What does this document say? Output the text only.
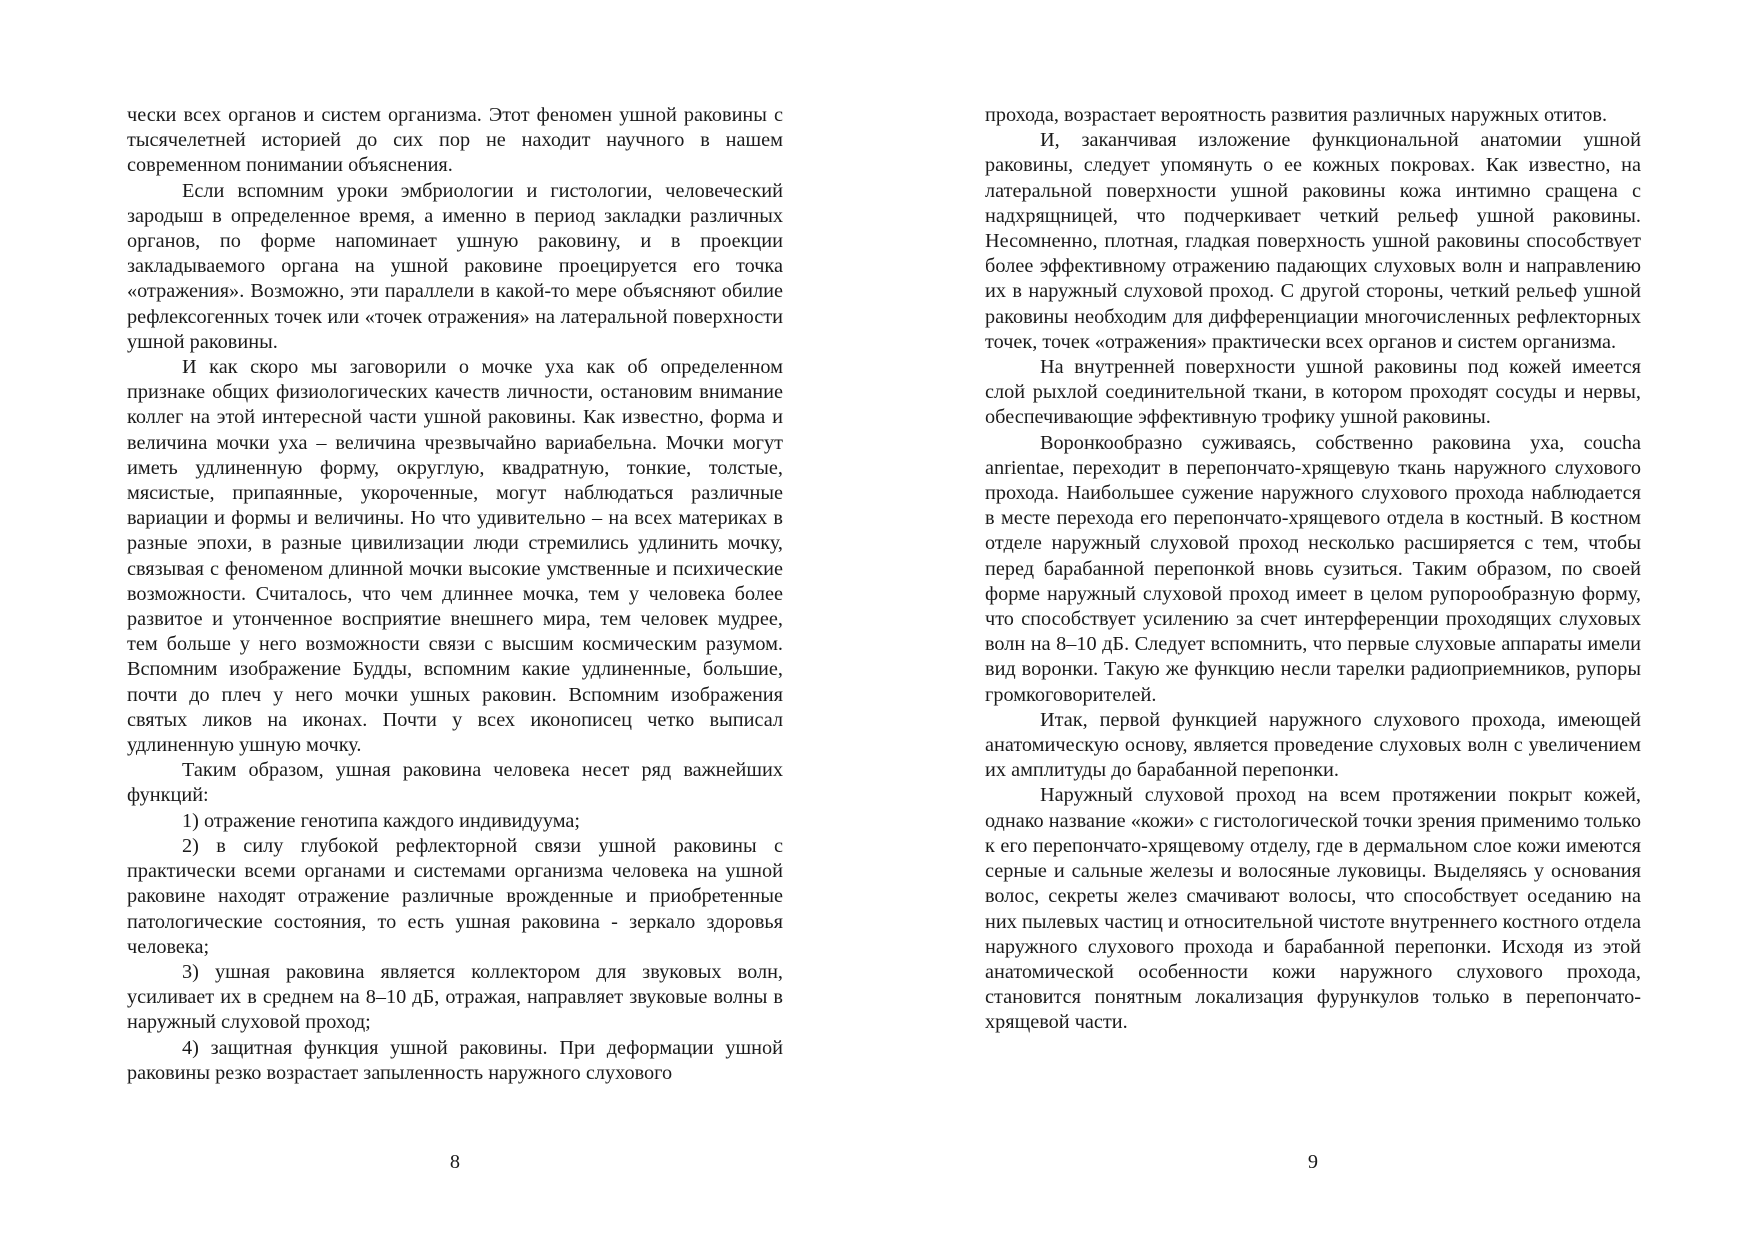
чески всех органов и систем организма. Этот феномен ушной раковины с тысячелетней историей до сих пор не находит научного в нашем современном понимании объяснения.

Если вспомним уроки эмбриологии и гистологии, человеческий зародыш в определенное время, а именно в период закладки различных органов, по форме напоминает ушную раковину, и в проекции закладываемого органа на ушной раковине проецируется его точка «отражения». Возможно, эти параллели в какой-то мере объясняют обилие рефлексогенных точек или «точек отражения» на латеральной поверхности ушной раковины.

И как скоро мы заговорили о мочке уха как об определенном признаке общих физиологических качеств личности, остановим внимание коллег на этой интересной части ушной раковины. Как известно, форма и величина мочки уха – величина чрезвычайно вариабельна. Мочки могут иметь удлиненную форму, округлую, квадратную, тонкие, толстые, мясистые, припаянные, укороченные, могут наблюдаться различные вариации и формы и величины. Но что удивительно – на всех материках в разные эпохи, в разные цивилизации люди стремились удлинить мочку, связывая с феноменом длинной мочки высокие умственные и психические возможности. Считалось, что чем длиннее мочка, тем у человека более развитое и утонченное восприятие внешнего мира, тем человек мудрее, тем больше у него возможности связи с высшим космическим разумом. Вспомним изображение Будды, вспомним какие удлиненные, большие, почти до плеч у него мочки ушных раковин. Вспомним изображения святых ликов на иконах. Почти у всех иконописец четко выписал удлиненную ушную мочку.

Таким образом, ушная раковина человека несет ряд важнейших функций:

1) отражение генотипа каждого индивидуума;

2) в силу глубокой рефлекторной связи ушной раковины с практически всеми органами и системами организма человека на ушной раковине находят отражение различные врожденные и приобретенные патологические состояния, то есть ушная раковина - зеркало здоровья человека;

3) ушная раковина является коллектором для звуковых волн, усиливает их в среднем на 8–10 дБ, отражая, направляет звуковые волны в наружный слуховой проход;

4) защитная функция ушной раковины. При деформации ушной раковины резко возрастает запыленность наружного слухового

8

прохода, возрастает вероятность развития различных наружных отитов.

И, заканчивая изложение функциональной анатомии ушной раковины, следует упомянуть о ее кожных покровах. Как известно, на латеральной поверхности ушной раковины кожа интимно сращена с надхрящницей, что подчеркивает четкий рельеф ушной раковины. Несомненно, плотная, гладкая поверхность ушной раковины способствует более эффективному отражению падающих слуховых волн и направлению их в наружный слуховой проход. С другой стороны, четкий рельеф ушной раковины необходим для дифференциации многочисленных рефлекторных точек, точек «отражения» практически всех органов и систем организма.

На внутренней поверхности ушной раковины под кожей имеется слой рыхлой соединительной ткани, в котором проходят сосуды и нервы, обеспечивающие эффективную трофику ушной раковины.

Воронкообразно суживаясь, собственно раковина уха, coucha anrientae, переходит в перепончато-хрящевую ткань наружного слухового прохода. Наибольшее сужение наружного слухового прохода наблюдается в месте перехода его перепончато-хрящевого отдела в костный. В костном отделе наружный слуховой проход несколько расширяется с тем, чтобы перед барабанной перепонкой вновь сузиться. Таким образом, по своей форме наружный слуховой проход имеет в целом рупорообразную форму, что способствует усилению за счет интерференции проходящих слуховых волн на 8–10 дБ. Следует вспомнить, что первые слуховые аппараты имели вид воронки. Такую же функцию несли тарелки радиоприемников, рупоры громкоговорителей.

Итак, первой функцией наружного слухового прохода, имеющей анатомическую основу, является проведение слуховых волн с увеличением их амплитуды до барабанной перепонки.

Наружный слуховой проход на всем протяжении покрыт кожей, однако название «кожи» с гистологической точки зрения применимо только к его перепончато-хрящевому отделу, где в дермальном слое кожи имеются серные и сальные железы и волосяные луковицы. Выделяясь у основания волос, секреты желез смачивают волосы, что способствует оседанию на них пылевых частиц и относительной чистоте внутреннего костного отдела наружного слухового прохода и барабанной перепонки. Исходя из этой анатомической особенности кожи наружного слухового прохода, становится понятным локализация фурункулов только в перепончато-хрящевой части.

9
